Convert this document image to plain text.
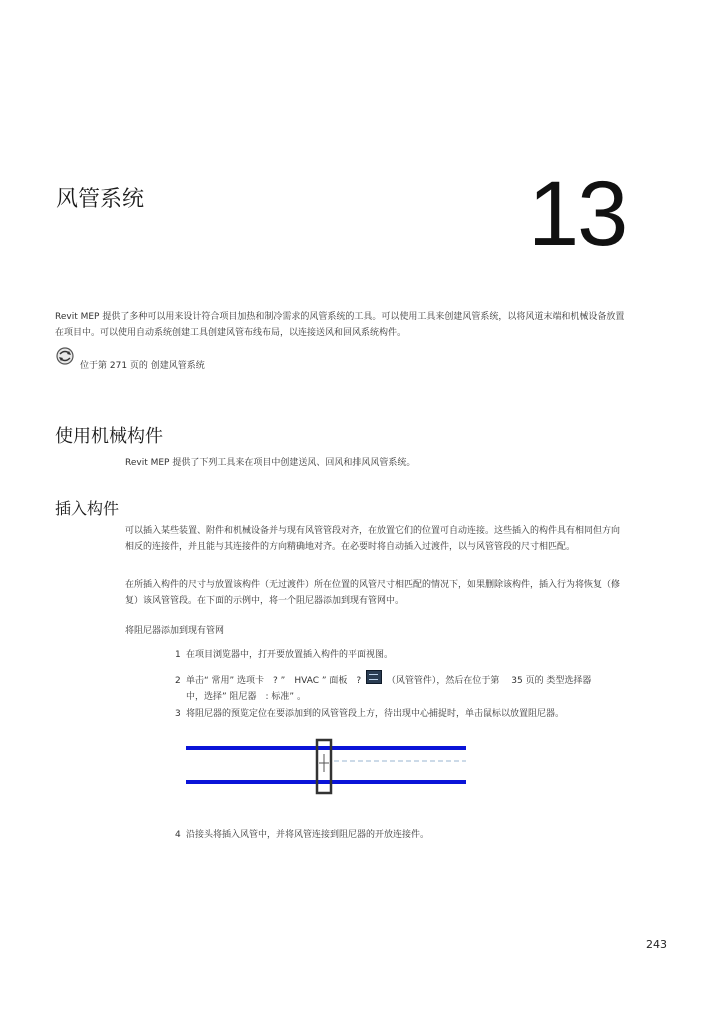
风管系统	13
Revit MEP 提供了多种可以用来设计符合项目加热和制冷需求的风管系统的工具。可以使用工具来创建风管系统，以将风道末端和机械设备放置在项目中。可以使用自动系统创建工具创建风管布线布局，以连接送风和回风系统构件。
位于第 271 页的 创建风管系统
使用机械构件
Revit MEP 提供了下列工具来在项目中创建送风、回风和排风风管系统。
插入构件
可以插入某些装置、附件和机械设备并与现有风管管段对齐，在放置它们的位置可自动连接。这些插入的构件具有相同但方向相反的连接件，并且能与其连接件的方向精确地对齐。在必要时将自动插入过渡件，以与风管管段的尺寸相匹配。
在所插入构件的尺寸与放置该构件（无过渡件）所在位置的风管尺寸相匹配的情况下，如果删除该构件，插入行为将恢复（修复）该风管管段。在下面的示例中，将一个阻尼器添加到现有管网中。
将阻尼器添加到现有管网
1 在项目浏览器中，打开要放置插入构件的平面视图。
2 单击“ 常用” 选项卡　? ”　HVAC ” 面板　?	（风管管件），然后在位于第　 35 页的 类型选择器
中，选择” 阻尼器　: 标准” 。
3 将阻尼器的预览定位在要添加到的风管管段上方，待出现中心捕捉时，单击鼠标以放置阻尼器。
4 沿接头将插入风管中，并将风管连接到阻尼器的开放连接件。
243
